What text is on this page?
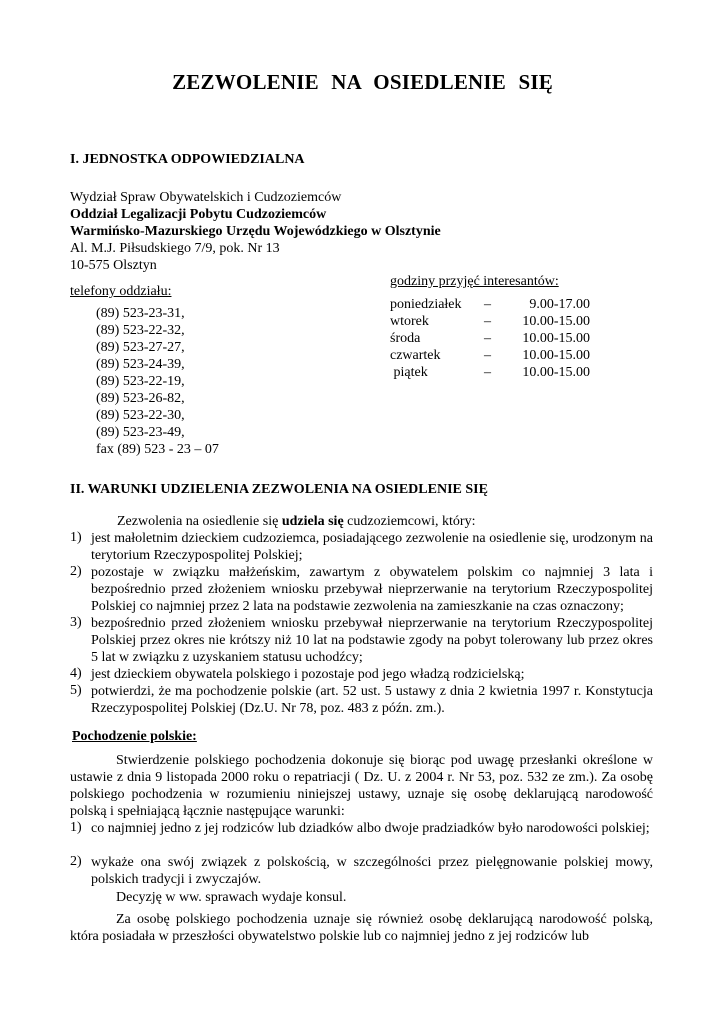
ZEZWOLENIE NA OSIEDLENIE SIĘ
I. JEDNOSTKA ODPOWIEDZIALNA
Wydział Spraw Obywatelskich i Cudzoziemców
Oddział Legalizacji Pobytu Cudzoziemców
Warmińsko-Mazurskiego Urzędu Wojewódzkiego w Olsztynie
Al. M.J. Piłsudskiego 7/9, pok. Nr 13
10-575 Olsztyn
telefony oddziału:
(89) 523-23-31,
(89) 523-22-32,
(89) 523-27-27,
(89) 523-24-39,
(89) 523-22-19,
(89) 523-26-82,
(89) 523-22-30,
(89) 523-23-49,
fax (89) 523 - 23 – 07
godziny przyjęć interesantów:
poniedziałek –	9.00-17.00
wtorek	– 10.00-15.00
środa	– 10.00-15.00
czwartek	– 10.00-15.00
piątek	– 10.00-15.00
II. WARUNKI UDZIELENIA ZEZWOLENIA NA OSIEDLENIE SIĘ
Zezwolenia na osiedlenie się udziela się cudzoziemcowi, który:
1) jest małoletnim dzieckiem cudzoziemca, posiadającego zezwolenie na osiedlenie się, urodzonym na terytorium Rzeczypospolitej Polskiej;
2) pozostaje w związku małżeńskim, zawartym z obywatelem polskim co najmniej 3 lata i bezpośrednio przed złożeniem wniosku przebywał nieprzerwanie na terytorium Rzeczypospolitej Polskiej co najmniej przez 2 lata na podstawie zezwolenia na zamieszkanie na czas oznaczony;
3) bezpośrednio przed złożeniem wniosku przebywał nieprzerwanie na terytorium Rzeczypospolitej Polskiej przez okres nie krótszy niż 10 lat na podstawie zgody na pobyt tolerowany lub przez okres 5 lat w związku z uzyskaniem statusu uchodźcy;
4) jest dzieckiem obywatela polskiego i pozostaje pod jego władzą rodzicielską;
5) potwierdzi, że ma pochodzenie polskie (art. 52 ust. 5 ustawy z dnia 2 kwietnia 1997 r. Konstytucja Rzeczypospolitej Polskiej (Dz.U. Nr 78, poz. 483 z późn. zm.).
Pochodzenie polskie:
Stwierdzenie polskiego pochodzenia dokonuje się biorąc pod uwagę przesłanki określone w ustawie z dnia 9 listopada 2000 roku o repatriacji ( Dz. U. z 2004 r. Nr 53, poz. 532 ze zm.). Za osobę polskiego pochodzenia w rozumieniu niniejszej ustawy, uznaje się osobę deklarującą narodowość polską i spełniającą łącznie następujące warunki:
1) co najmniej jedno z jej rodziców lub dziadków albo dwoje pradziadków było narodowości polskiej;
2) wykaże ona swój związek z polskością, w szczególności przez pielęgnowanie polskiej mowy, polskich tradycji i zwyczajów.
Decyzję w ww. sprawach wydaje konsul.
Za osobę polskiego pochodzenia uznaje się również osobę deklarującą narodowość polską, która posiadała w przeszłości obywatelstwo polskie lub co najmniej jedno z jej rodziców lub
